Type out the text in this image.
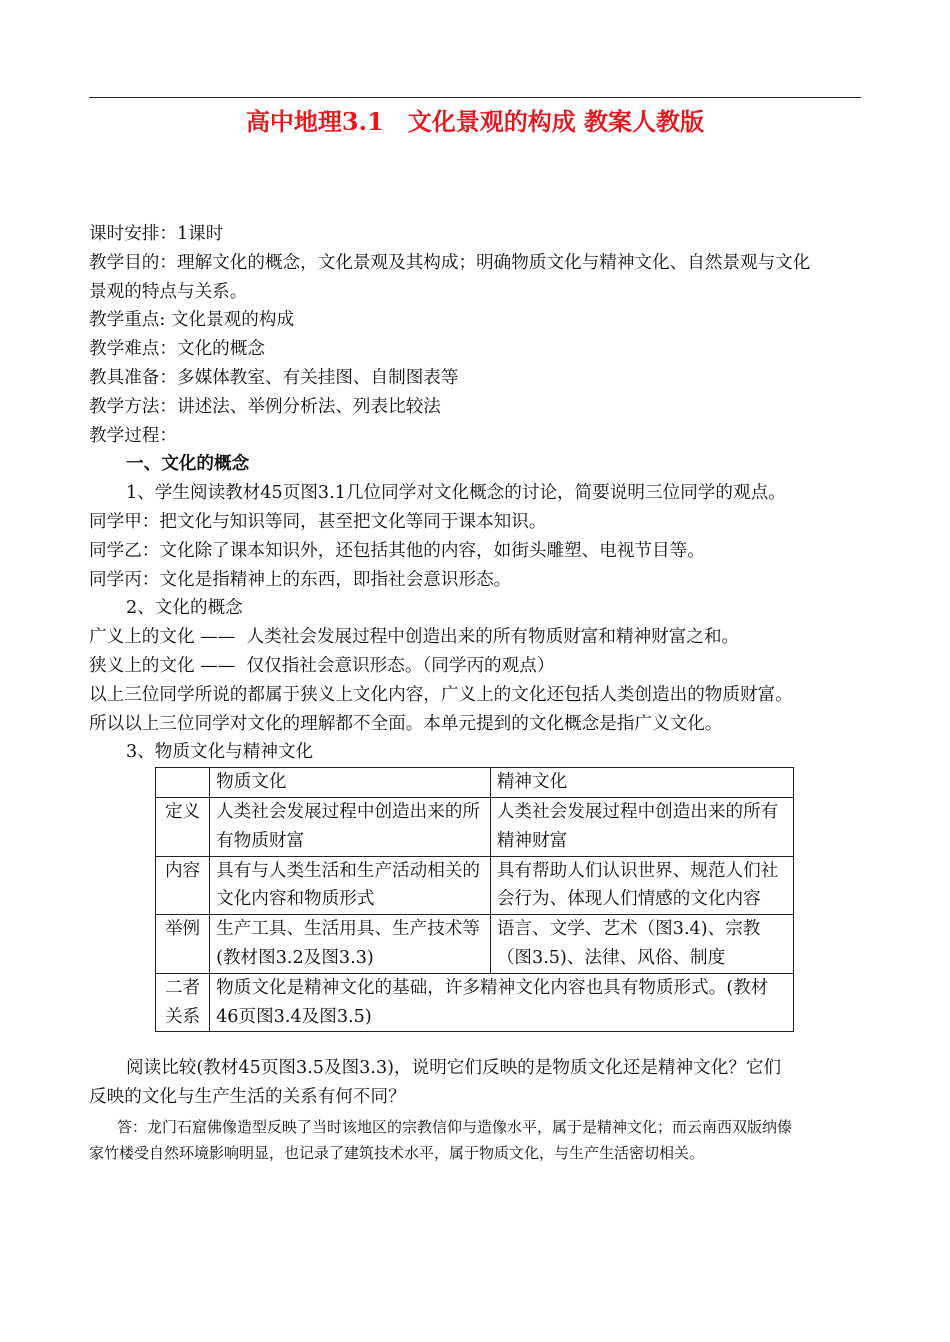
高中地理3.1　文化景观的构成 教案人教版

课时安排：1课时

教学目的：理解文化的概念，文化景观及其构成；明确物质文化与精神文化、自然景观与文化

景观的特点与关系。

教学重点: 文化景观的构成

教学难点：文化的概念

教具准备：多媒体教室、有关挂图、自制图表等

教学方法：讲述法、举例分析法、列表比较法

教学过程：

一、文化的概念

1、学生阅读教材45页图3.1几位同学对文化概念的讨论，简要说明三位同学的观点。

同学甲：把文化与知识等同，甚至把文化等同于课本知识。

同学乙：文化除了课本知识外，还包括其他的内容，如街头雕塑、电视节目等。

同学丙：文化是指精神上的东西，即指社会意识形态。

2、文化的概念

广义上的文化 ——  人类社会发展过程中创造出来的所有物质财富和精神财富之和。

狭义上的文化 ——  仅仅指社会意识形态。（同学丙的观点）

以上三位同学所说的都属于狭义上文化内容，广义上的文化还包括人类创造出的物质财富。

所以以上三位同学对文化的理解都不全面。本单元提到的文化概念是指广义文化。

3、物质文化与精神文化

	物质文化	精神文化
定义	人类社会发展过程中创造出来的所有物质财富	人类社会发展过程中创造出来的所有精神财富
内容	具有与人类生活和生产活动相关的文化内容和物质形式	具有帮助人们认识世界、规范人们社会行为、体现人们情感的文化内容
举例	生产工具、生活用具、生产技术等(教材图3.2及图3.3)	语言、文学、艺术（图3.4)、宗教（图3.5)、法律、风俗、制度
二者关系	物质文化是精神文化的基础，许多精神文化内容也具有物质形式。(教材46页图3.4及图3.5)	

阅读比较(教材45页图3.5及图3.3)，说明它们反映的是物质文化还是精神文化？它们

反映的文化与生产生活的关系有何不同？

答：龙门石窟佛像造型反映了当时该地区的宗教信仰与造像水平，属于是精神文化；而云南西双版纳傣

家竹楼受自然环境影响明显，也记录了建筑技术水平，属于物质文化，与生产生活密切相关。
